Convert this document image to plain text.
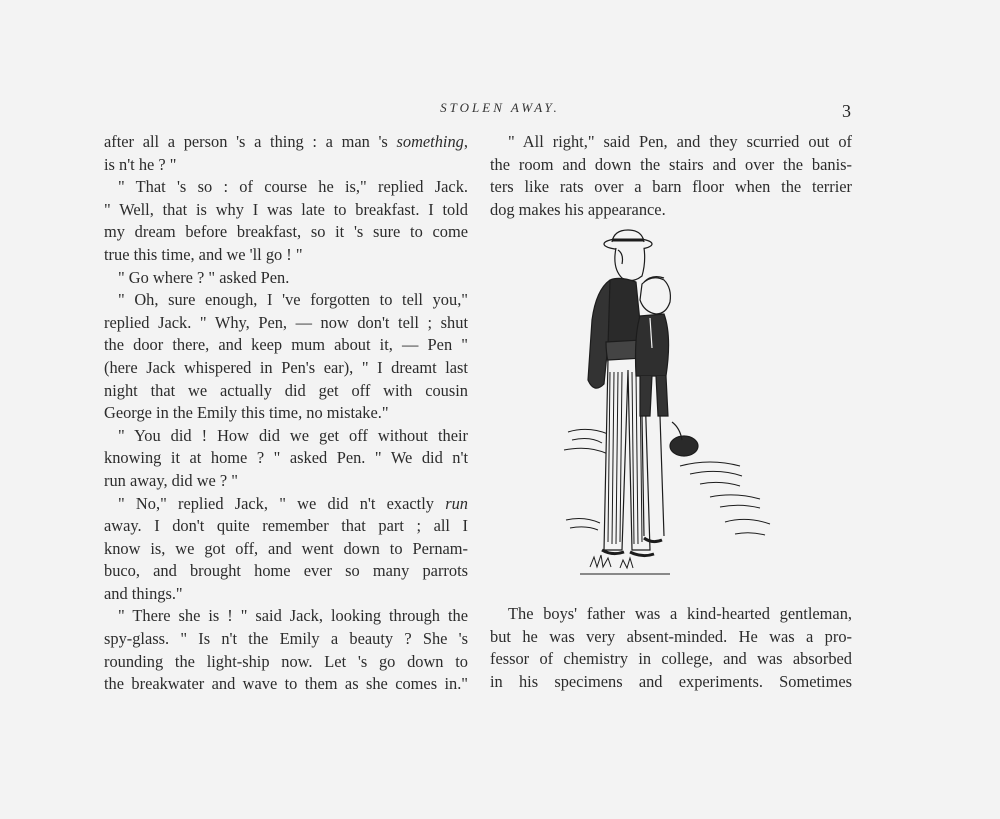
STOLEN AWAY.	3
after all a person 's a thing : a man 's something,
is n't he ? "
" That 's so : of course he is," replied Jack.
" Well, that is why I was late to breakfast. I told
my dream before breakfast, so it 's sure to come
true this time, and we 'll go ! "
" Go where ? " asked Pen.
" Oh, sure enough, I 've forgotten to tell you,"
replied Jack. " Why, Pen, — now don't tell ; shut
the door there, and keep mum about it, — Pen "
(here Jack whispered in Pen's ear), " I dreamt last
night that we actually did get off with cousin
George in the Emily this time, no mistake."
" You did ! How did we get off without their
knowing it at home ? " asked Pen. " We did n't
run away, did we ? "
" No," replied Jack, " we did n't exactly run
away. I don't quite remember that part ; all I
know is, we got off, and went down to Pernam-
buco, and brought home ever so many parrots
and things."
" There she is ! " said Jack, looking through the
spy-glass. " Is n't the Emily a beauty ? She 's
rounding the light-ship now. Let 's go down to
the breakwater and wave to them as she comes in."
" All right," said Pen, and they scurried out of
the room and down the stairs and over the banis-
ters like rats over a barn floor when the terrier
dog makes his appearance.
The boys' father was a kind-hearted gentleman,
but he was very absent-minded. He was a pro-
fessor of chemistry in college, and was absorbed
in his specimens and experiments. Sometimes
